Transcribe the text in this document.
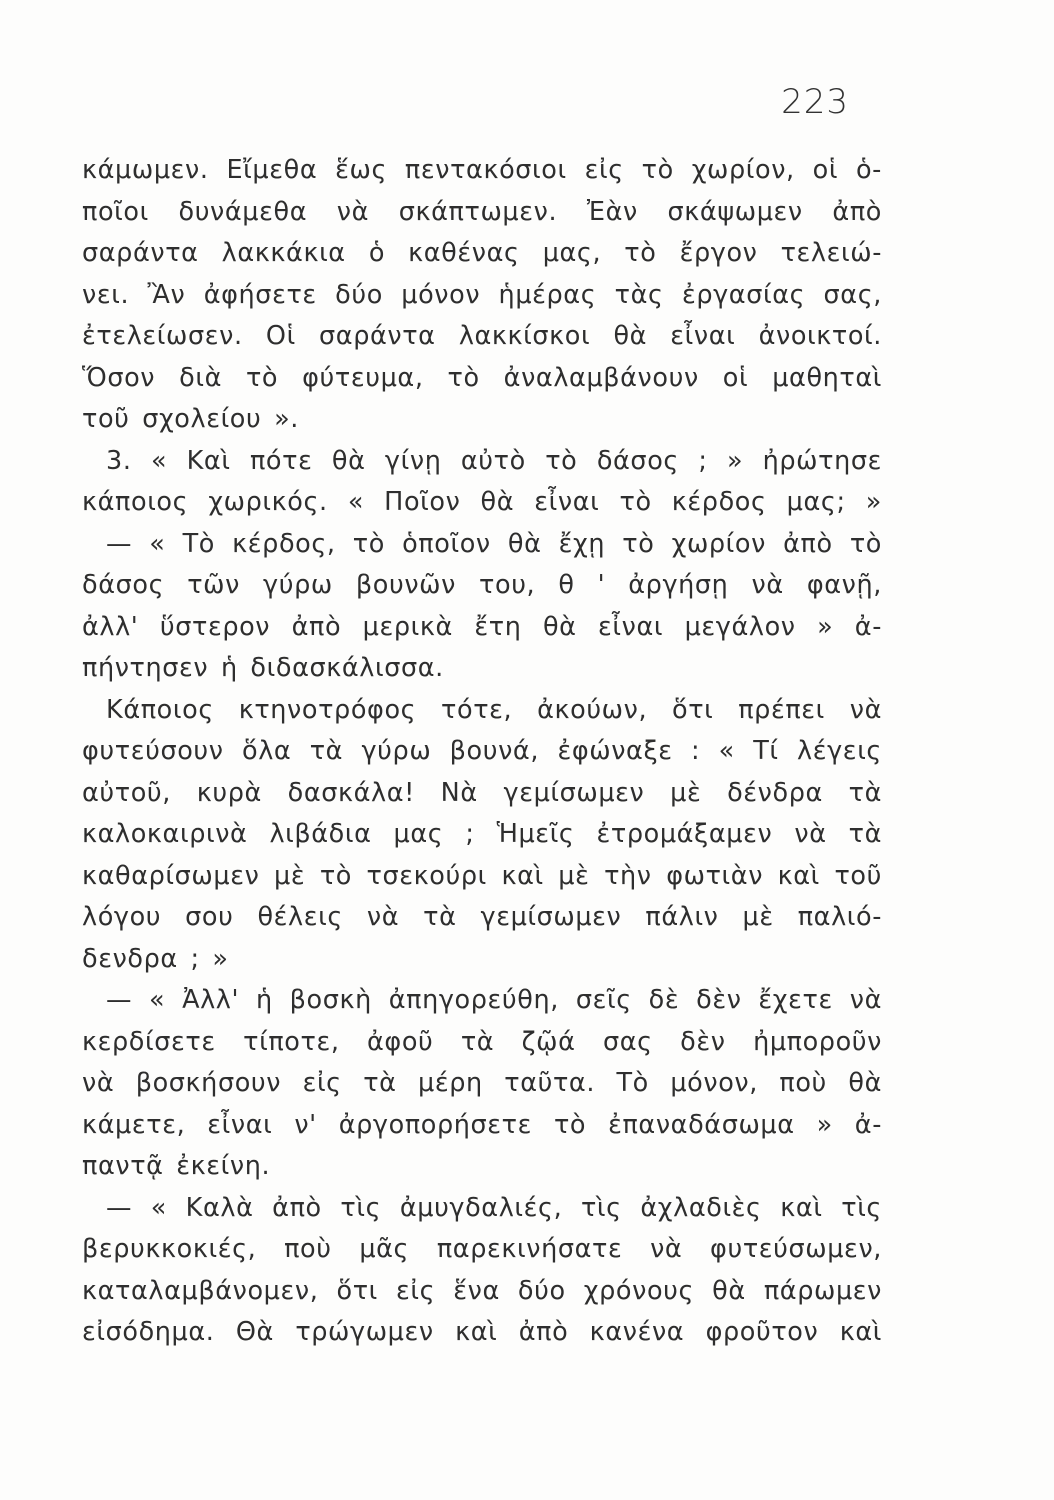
223
κάμωμεν. Εἴμεθα ἕως πεντακόσιοι εἰς τὸ χωρίον, οἱ ὁ-
ποῖοι δυνάμεθα νὰ σκάπτωμεν. Ἐὰν σκάψωμεν ἀπὸ
σαράντα λακκάκια ὁ καθένας μας, τὸ ἔργον τελειώ-
νει. Ἂν ἀφήσετε δύο μόνον ἡμέρας τὰς ἐργασίας σας,
ἐτελείωσεν. Οἱ σαράντα λακκίσκοι θὰ εἶναι ἀνοικτοί.
Ὅσον διὰ τὸ φύτευμα, τὸ ἀναλαμβάνουν οἱ μαθηταὶ
τοῦ σχολείου ».
3. « Καὶ πότε θὰ γίνῃ αὐτὸ τὸ δάσος ; » ἠρώτησε
κάποιος χωρικός. « Ποῖον θὰ εἶναι τὸ κέρδος μας; »
— « Τὸ κέρδος, τὸ ὁποῖον θὰ ἔχῃ τὸ χωρίον ἀπὸ τὸ
δάσος τῶν γύρω βουνῶν του, θ ' ἀργήσῃ νὰ φανῇ,
ἀλλ' ὕστερον ἀπὸ μερικὰ ἔτη θὰ εἶναι μεγάλον » ἀ-
πήντησεν ἡ διδασκάλισσα.
Κάποιος κτηνοτρόφος τότε, ἀκούων, ὅτι πρέπει νὰ
φυτεύσουν ὅλα τὰ γύρω βουνά, ἐφώναξε : « Τί λέγεις
αὐτοῦ, κυρὰ δασκάλα! Νὰ γεμίσωμεν μὲ δένδρα τὰ
καλοκαιρινὰ λιβάδια μας ; Ἡμεῖς ἐτρομάξαμεν νὰ τὰ
καθαρίσωμεν μὲ τὸ τσεκούρι καὶ μὲ τὴν φωτιὰν καὶ τοῦ
λόγου σου θέλεις νὰ τὰ γεμίσωμεν πάλιν μὲ παλιό-
δενδρα ; »
— « Ἀλλ' ἡ βοσκὴ ἀπηγορεύθη, σεῖς δὲ δὲν ἔχετε νὰ
κερδίσετε τίποτε, ἀφοῦ τὰ ζῷά σας δὲν ἠμποροῦν
νὰ βοσκήσουν εἰς τὰ μέρη ταῦτα. Τὸ μόνον, ποὺ θὰ
κάμετε, εἶναι ν' ἀργοπορήσετε τὸ ἐπαναδάσωμα » ἀ-
παντᾷ ἐκείνη.
— « Καλὰ ἀπὸ τὶς ἀμυγδαλιές, τὶς ἀχλαδιὲς καὶ τὶς
βερυκκοκιές, ποὺ μᾶς παρεκινήσατε νὰ φυτεύσωμεν,
καταλαμβάνομεν, ὅτι εἰς ἕνα δύο χρόνους θὰ πάρωμεν
εἰσόδημα. Θὰ τρώγωμεν καὶ ἀπὸ κανένα φροῦτον καὶ
